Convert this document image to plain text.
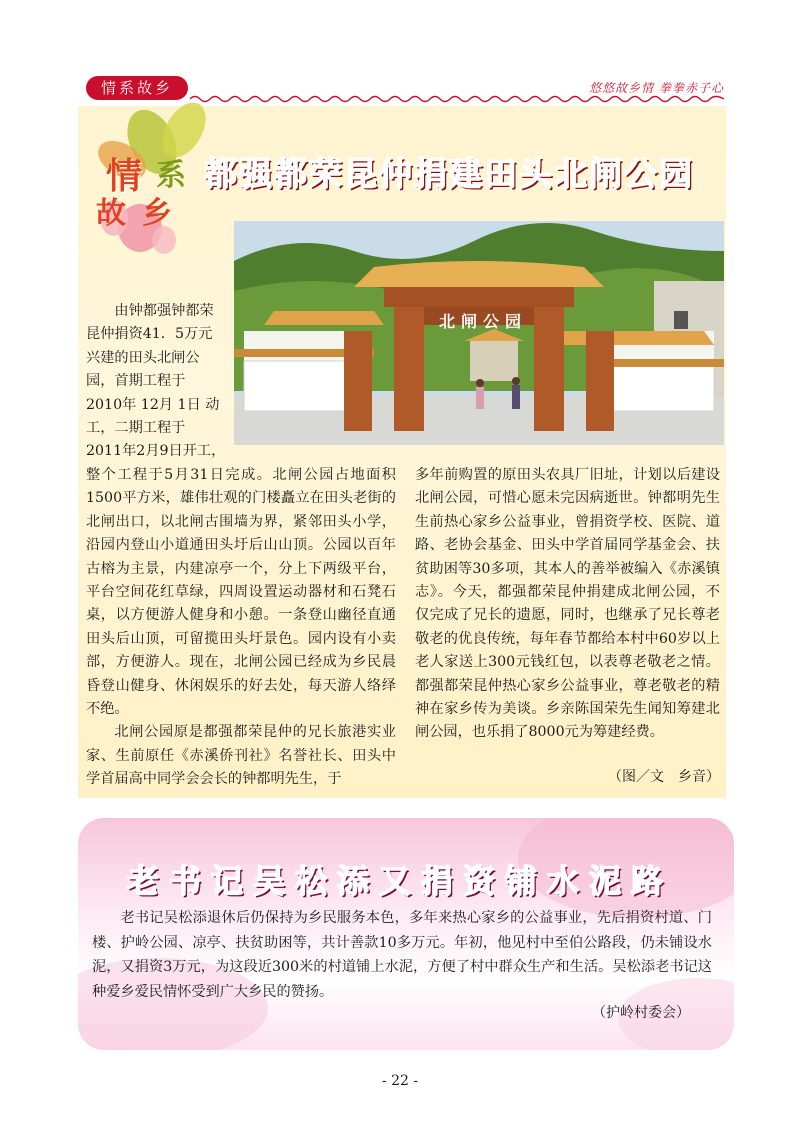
情系故乡	悠悠故乡情 拳拳赤子心
情 系
故 乡
都强都荣昆仲捐建田头北闸公园
北闸公园

由钟都强钟都荣

昆仲捐资41．5万元

兴建的田头北闸公

园，首期工程于

2010年 12月 1日 动

工，二期工程于

2011年2月9日开工，

整个工程于5月31日完成。北闸公园占地面积1500平方米，雄伟壮观的门楼矗立在田头老街的北闸出口，以北闸古围墙为界，紧邻田头小学，沿园内登山小道通田头圩后山山顶。公园以百年古榕为主景，内建凉亭一个，分上下两级平台，平台空间花红草绿，四周设置运动器材和石凳石桌，以方便游人健身和小憩。一条登山幽径直通田头后山顶，可留揽田头圩景色。园内设有小卖部，方便游人。现在，北闸公园已经成为乡民晨昏登山健身、休闲娱乐的好去处，每天游人络绎不绝。

北闸公园原是都强都荣昆仲的兄长旅港实业家、生前原任《赤溪侨刊社》名誉社长、田头中学首届高中同学会会长的钟都明先生，于

多年前购置的原田头农具厂旧址，计划以后建设北闸公园，可惜心愿未完因病逝世。钟都明先生生前热心家乡公益事业，曾捐资学校、医院、道路、老协会基金、田头中学首届同学基金会、扶贫助困等30多项，其本人的善举被编入《赤溪镇志》。今天，都强都荣昆仲捐建成北闸公园，不仅完成了兄长的遗愿，同时，也继承了兄长尊老敬老的优良传统，每年春节都给本村中60岁以上老人家送上300元钱红包，以表尊老敬老之情。都强都荣昆仲热心家乡公益事业，尊老敬老的精神在家乡传为美谈。乡亲陈国荣先生闻知筹建北闸公园，也乐捐了8000元为筹建经费。

（图／文　乡音）
老书记吴松添又捐资铺水泥路
老书记吴松添退休后仍保持为乡民服务本色，多年来热心家乡的公益事业，先后捐资村道、门楼、护岭公园、凉亭、扶贫助困等，共计善款10多万元。年初，他见村中至伯公路段，仍未铺设水泥，又捐资3万元，为这段近300米的村道铺上水泥，方便了村中群众生产和生活。吴松添老书记这种爱乡爱民情怀受到广大乡民的赞扬。
（护岭村委会）
- 22 -
